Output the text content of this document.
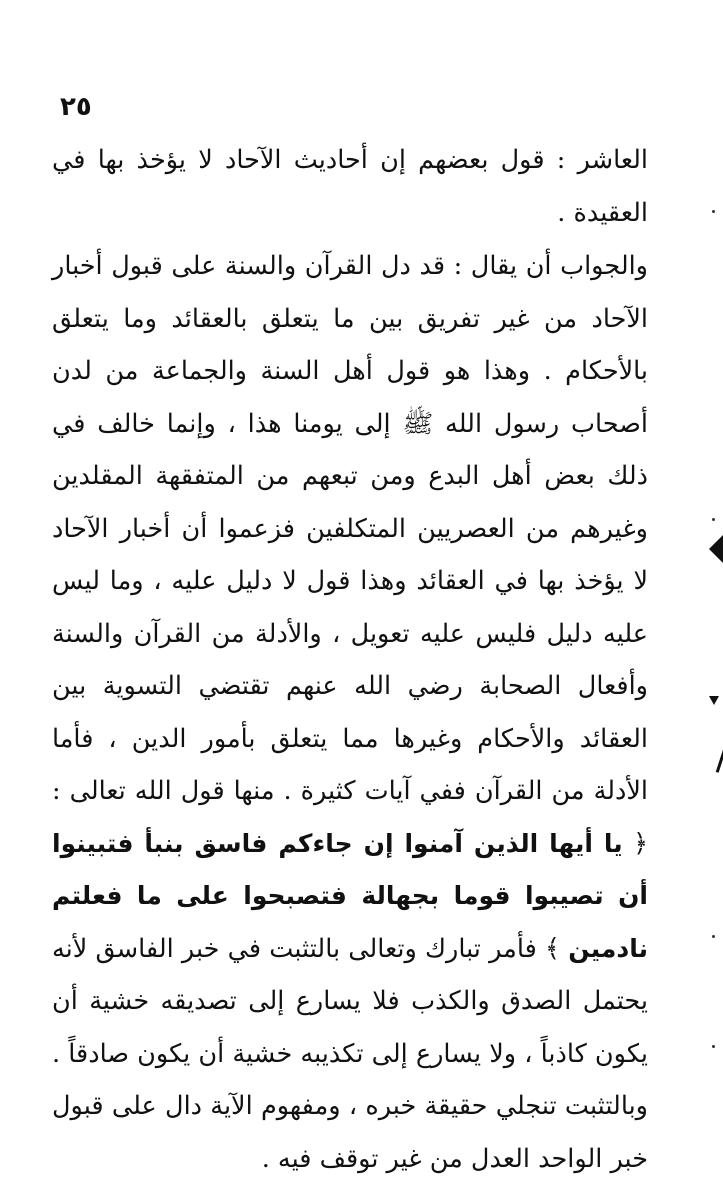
٢٥

العاشر : قول بعضهم إن أحاديث الآحاد لا يؤخذ بها في العقيدة .

والجواب أن يقال : قد دل القرآن والسنة على قبول أخبار الآحاد من غير تفريق بين ما يتعلق بالعقائد وما يتعلق بالأحكام . وهذا هو قول أهل السنة والجماعة من لدن أصحاب رسول الله ﷺ إلى يومنا هذا ، وإنما خالف في ذلك بعض أهل البدع ومن تبعهم من المتفقهة المقلدين وغيرهم من العصريين المتكلفين فزعموا أن أخبار الآحاد لا يؤخذ بها في العقائد وهذا قول لا دليل عليه ، وما ليس عليه دليل فليس عليه تعويل ، والأدلة من القرآن والسنة وأفعال الصحابة رضي الله عنهم تقتضي التسوية بين العقائد والأحكام وغيرها مما يتعلق بأمور الدين ، فأما الأدلة من القرآن ففي آيات كثيرة . منها قول الله تعالى : ﴿ يا أيها الذين آمنوا إن جاءكم فاسق بنبأ فتبينوا أن تصيبوا قوما بجهالة فتصبحوا على ما فعلتم نادمين ﴾ فأمر تبارك وتعالى بالتثبت في خبر الفاسق لأنه يحتمل الصدق والكذب فلا يسارع إلى تصديقه خشية أن يكون كاذباً ، ولا يسارع إلى تكذيبه خشية أن يكون صادقاً . وبالتثبت تنجلي حقيقة خبره ، ومفهوم الآية دال على قبول خبر الواحد العدل من غير توقف فيه .
